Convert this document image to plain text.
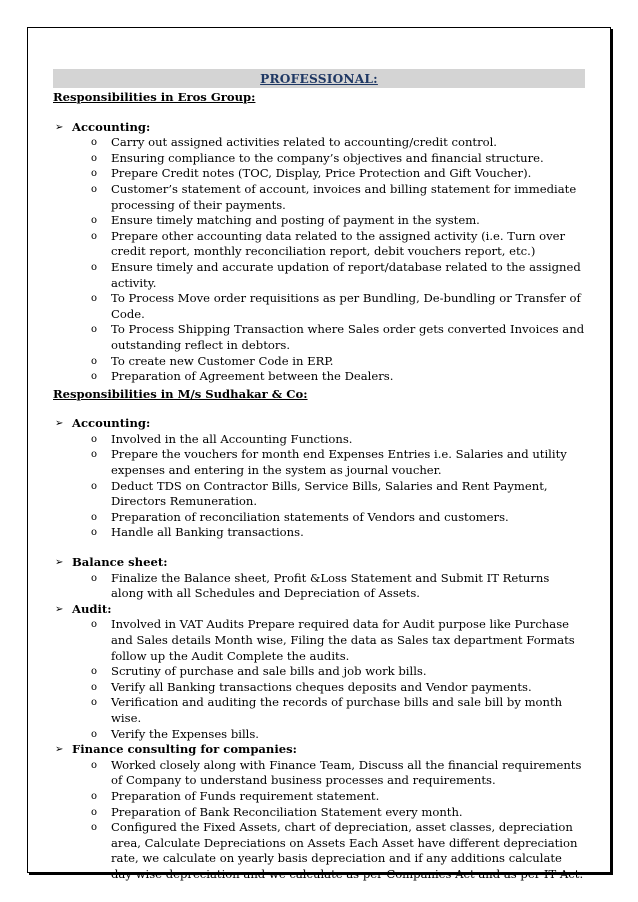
PROFESSIONAL:
Responsibilities in Eros Group:
➢ Accounting:
o Carry out assigned activities related to accounting/credit control.
o Ensuring compliance to the company’s objectives and financial structure.
o Prepare Credit notes (TOC, Display, Price Protection and Gift Voucher).
o Customer’s statement of account, invoices and billing statement for immediate processing of their payments.
o Ensure timely matching and posting of payment in the system.
o Prepare other accounting data related to the assigned activity (i.e. Turn over credit report, monthly reconciliation report, debit vouchers report, etc.)
o Ensure timely and accurate updation of report/database related to the assigned activity.
o To Process Move order requisitions as per Bundling, De-bundling or Transfer of Code.
o To Process Shipping Transaction where Sales order gets converted Invoices and outstanding reflect in debtors.
o To create new Customer Code in ERP.
o Preparation of Agreement between the Dealers.
Responsibilities in M/s Sudhakar & Co:
➢ Accounting:
o Involved in the all Accounting Functions.
o Prepare the vouchers for month end Expenses Entries i.e. Salaries and utility expenses and entering in the system as journal voucher.
o Deduct TDS on Contractor Bills, Service Bills, Salaries and Rent Payment, Directors Remuneration.
o Preparation of reconciliation statements of Vendors and customers.
o Handle all Banking transactions.
➢ Balance sheet:
o Finalize the Balance sheet, Profit &Loss Statement and Submit IT Returns along with all Schedules and Depreciation of Assets.
➢ Audit:
o Involved in VAT Audits Prepare required data for Audit purpose like Purchase and Sales details Month wise, Filing the data as Sales tax department Formats follow up the Audit Complete the audits.
o Scrutiny of purchase and sale bills and job work bills.
o Verify all Banking transactions cheques deposits and Vendor payments.
o Verification and auditing the records of purchase bills and sale bill by month wise.
o Verify the Expenses bills.
➢ Finance consulting for companies:
o Worked closely along with Finance Team, Discuss all the financial requirements of Company to understand business processes and requirements.
o Preparation of Funds requirement statement.
o Preparation of Bank Reconciliation Statement every month.
o Configured the Fixed Assets, chart of depreciation, asset classes, depreciation area, Calculate Depreciations on Assets Each Asset have different depreciation rate, we calculate on yearly basis depreciation and if any additions calculate day wise depreciation and we calculate as per Companies Act and as per IT Act.
